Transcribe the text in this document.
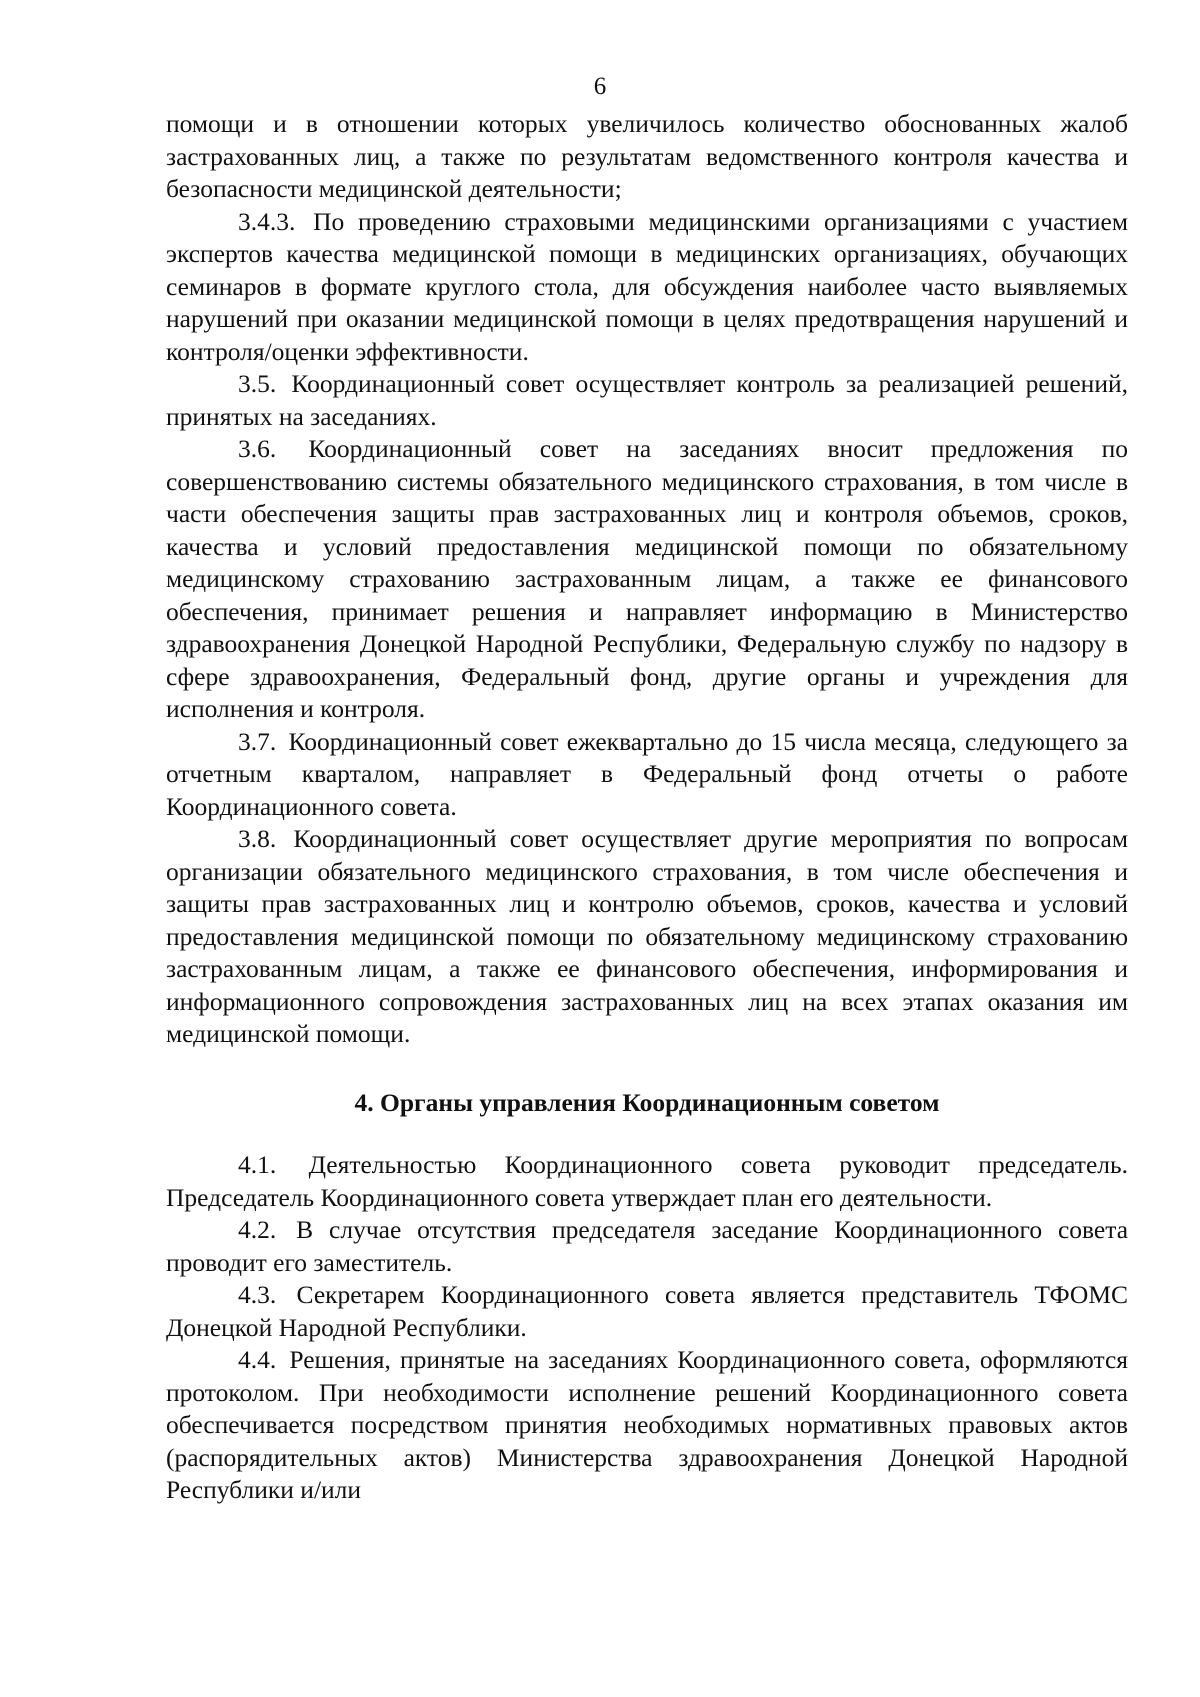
6

помощи и в отношении которых увеличилось количество обоснованных жалоб застрахованных лиц, а также по результатам ведомственного контроля качества и безопасности медицинской деятельности;

3.4.3. По проведению страховыми медицинскими организациями с участием экспертов качества медицинской помощи в медицинских организациях, обучающих семинаров в формате круглого стола, для обсуждения наиболее часто выявляемых нарушений при оказании медицинской помощи в целях предотвращения нарушений и контроля/оценки эффективности.

3.5. Координационный совет осуществляет контроль за реализацией решений, принятых на заседаниях.

3.6. Координационный совет на заседаниях вносит предложения по совершенствованию системы обязательного медицинского страхования, в том числе в части обеспечения защиты прав застрахованных лиц и контроля объемов, сроков, качества и условий предоставления медицинской помощи по обязательному медицинскому страхованию застрахованным лицам, а также ее финансового обеспечения, принимает решения и направляет информацию в Министерство здравоохранения Донецкой Народной Республики, Федеральную службу по надзору в сфере здравоохранения, Федеральный фонд, другие органы и учреждения для исполнения и контроля.

3.7. Координационный совет ежеквартально до 15 числа месяца, следующего за отчетным кварталом, направляет в Федеральный фонд отчеты о работе Координационного совета.

3.8. Координационный совет осуществляет другие мероприятия по вопросам организации обязательного медицинского страхования, в том числе обеспечения и защиты прав застрахованных лиц и контролю объемов, сроков, качества и условий предоставления медицинской помощи по обязательному медицинскому страхованию застрахованным лицам, а также ее финансового обеспечения, информирования и информационного сопровождения застрахованных лиц на всех этапах оказания им медицинской помощи.

4. Органы управления Координационным советом

4.1. Деятельностью Координационного совета руководит председатель. Председатель Координационного совета утверждает план его деятельности.

4.2. В случае отсутствия председателя заседание Координационного совета проводит его заместитель.

4.3. Секретарем Координационного совета является представитель ТФОМС Донецкой Народной Республики.

4.4. Решения, принятые на заседаниях Координационного совета, оформляются протоколом. При необходимости исполнение решений Координационного совета обеспечивается посредством принятия необходимых нормативных правовых актов (распорядительных актов) Министерства здравоохранения Донецкой Народной Республики и/или
